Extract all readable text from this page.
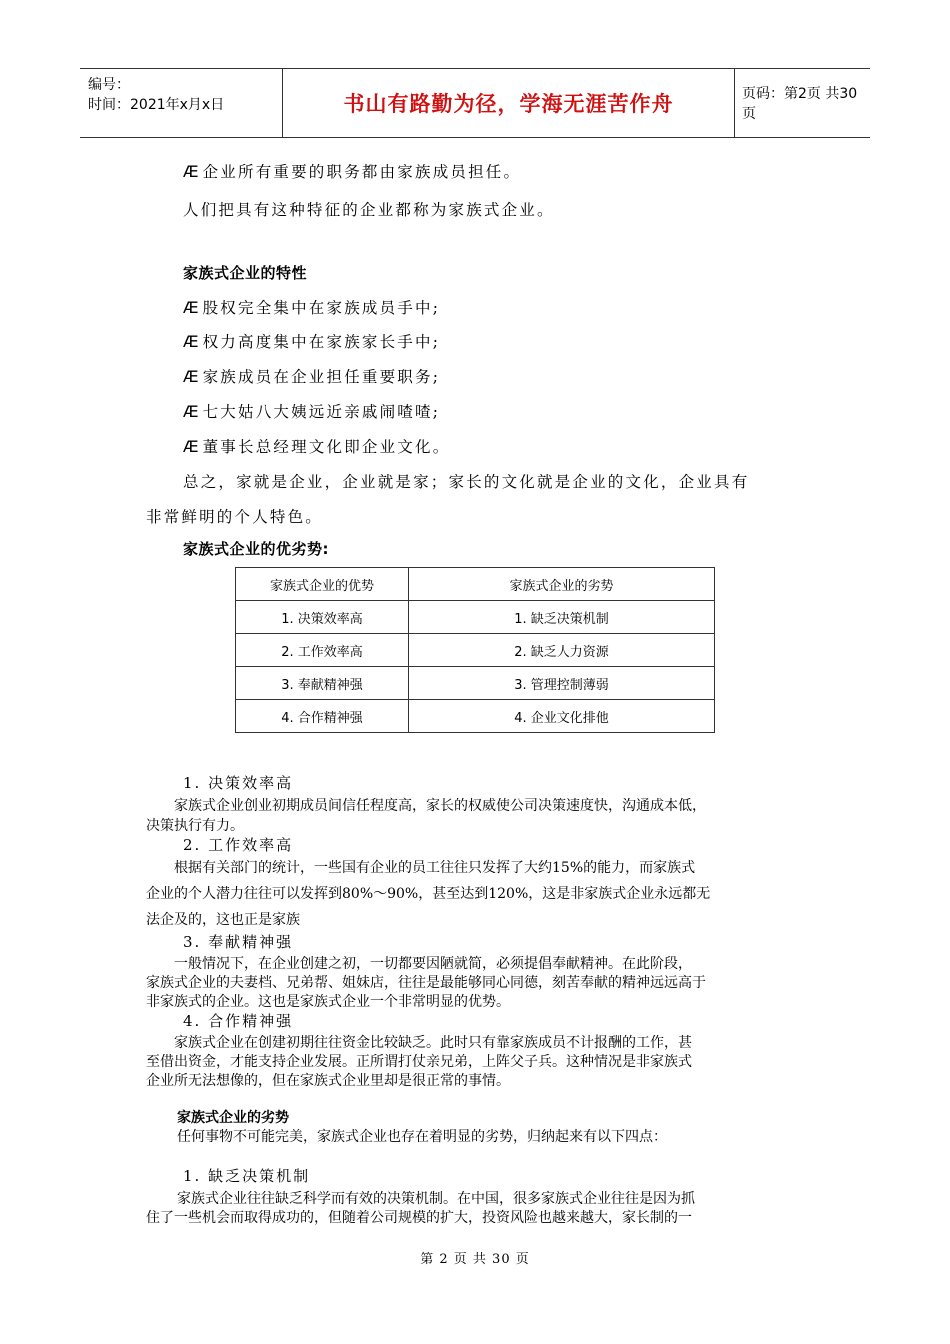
编号：
时间：2021年x月x日	书山有路勤为径，学海无涯苦作舟	页码：第2页 共30页
Æ 企业所有重要的职务都由家族成员担任。
人们把具有这种特征的企业都称为家族式企业。
家族式企业的特性
Æ 股权完全集中在家族成员手中;
Æ 权力高度集中在家族家长手中;
Æ 家族成员在企业担任重要职务;
Æ 七大姑八大姨远近亲戚闹喳喳;
Æ 董事长总经理文化即企业文化。
总之，家就是企业，企业就是家；家长的文化就是企业的文化，企业具有
非常鲜明的个人特色。
家族式企业的优劣势:
家族式企业的优势	家族式企业的劣势
1. 决策效率高	1. 缺乏决策机制
2. 工作效率高	2. 缺乏人力资源
3. 奉献精神强	3. 管理控制薄弱
4. 合作精神强	4. 企业文化排他
1. 决策效率高
家族式企业创业初期成员间信任程度高，家长的权威使公司决策速度快，沟通成本低，
决策执行有力。
2. 工作效率高
根据有关部门的统计，一些国有企业的员工往往只发挥了大约15%的能力，而家族式
企业的个人潜力往往可以发挥到80%～90%，甚至达到120%，这是非家族式企业永远都无
法企及的，这也正是家族
3. 奉献精神强
一般情况下，在企业创建之初，一切都要因陋就简，必须提倡奉献精神。在此阶段，
家族式企业的夫妻档、兄弟帮、姐妹店，往往是最能够同心同德，刻苦奉献的精神远远高于
非家族式的企业。这也是家族式企业一个非常明显的优势。
4. 合作精神强
家族式企业在创建初期往往资金比较缺乏。此时只有靠家族成员不计报酬的工作，甚
至借出资金，才能支持企业发展。正所谓打仗亲兄弟，上阵父子兵。这种情况是非家族式
企业所无法想像的，但在家族式企业里却是很正常的事情。
家族式企业的劣势
任何事物不可能完美，家族式企业也存在着明显的劣势，归纳起来有以下四点：
1. 缺乏决策机制
家族式企业往往缺乏科学而有效的决策机制。在中国，很多家族式企业往往是因为抓
住了一些机会而取得成功的，但随着公司规模的扩大，投资风险也越来越大，家长制的一
第 2 页 共 30 页
